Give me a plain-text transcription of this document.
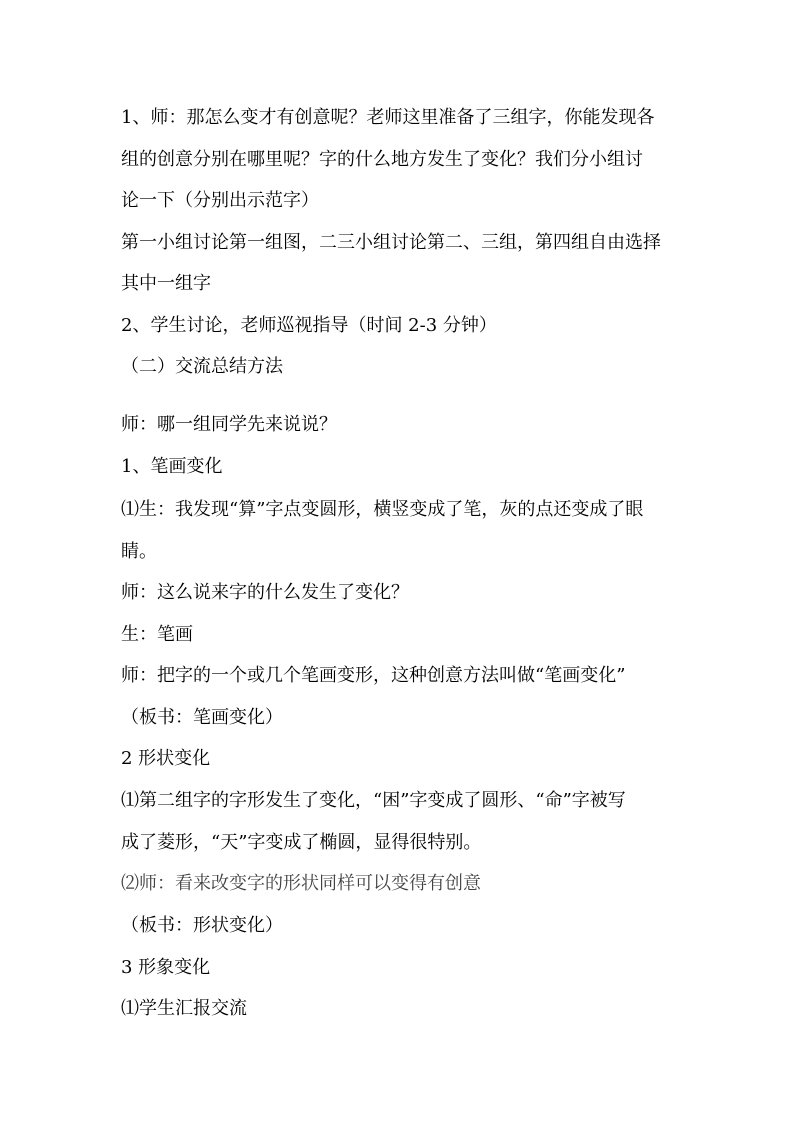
1、师：那怎么变才有创意呢？老师这里准备了三组字，你能发现各
组的创意分别在哪里呢？字的什么地方发生了变化？我们分小组讨
论一下（分别出示范字）
第一小组讨论第一组图，二三小组讨论第二、三组，第四组自由选择
其中一组字
2、学生讨论，老师巡视指导（时间 2-3 分钟）
（二）交流总结方法
师：哪一组同学先来说说？
1、笔画变化
⑴生：我发现“算”字点变圆形，横竖变成了笔，灰的点还变成了眼
睛。
师：这么说来字的什么发生了变化？
生：笔画
师：把字的一个或几个笔画变形，这种创意方法叫做“笔画变化”
（板书：笔画变化）
2 形状变化
⑴第二组字的字形发生了变化，“困”字变成了圆形、“命”字被写
成了菱形，“天”字变成了椭圆，显得很特别。
⑵师：看来改变字的形状同样可以变得有创意
（板书：形状变化）
3 形象变化
⑴学生汇报交流
